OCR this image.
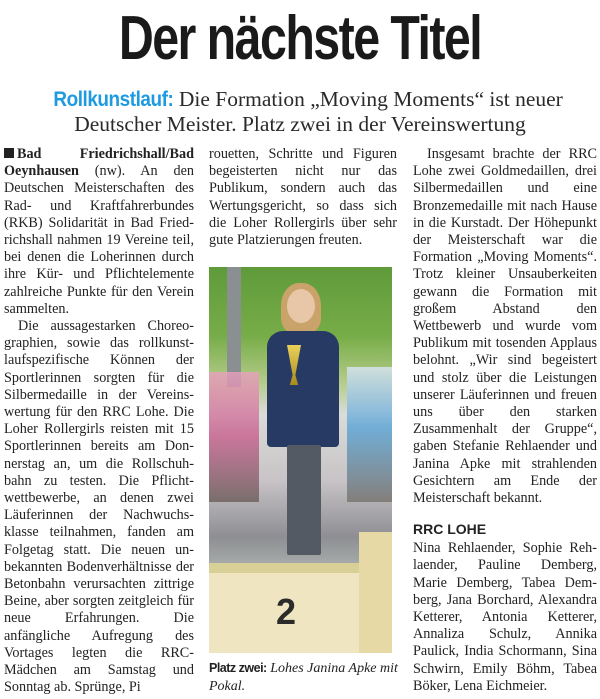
Der nächste Titel
Rollkunstlauf: Die Formation „Moving Moments“ ist neuer Deutscher Meister. Platz zwei in der Vereinswertung

Bad Friedrichshall/Bad Oeynhausen (nw). An den Deutschen Meisterschaften des Rad- und Kraftfahrerbundes (RKB) Solidarität in Bad Friedrichshall nahmen 19 Vereine teil, bei denen die Loherinnen durch ihre Kür- und Pflichtelemente zahlreiche Punkte für den Verein sammelten.

Die aussagestarken Choreographien, sowie das rollkunstlaufspezifische Können der Sportlerinnen sorgten für die Silbermedaille in der Vereinswertung für den RRC Lohe. Die Loher Rollergirls reisten mit 15 Sportlerinnen bereits am Donnerstag an, um die Rollschuhbahn zu testen. Die Pflichtwettbewerbe, an denen zwei Läuferinnen der Nachwuchsklasse teilnahmen, fanden am Folgetag statt. Die neuen unbekannten Bodenverhältnisse der Betonbahn verursachten zittrige Beine, aber sorgten zeitgleich für neue Erfahrungen. Die anfängliche Aufregung des Vortages legten die RRC-Mädchen am Samstag und Sonntag ab. Sprünge, Pi

rouetten, Schritte und Figuren begeisterten nicht nur das Publikum, sondern auch das Wertungsgericht, so dass sich die Loher Rollergirls über sehr gute Platzierungen freuten.

2
Platz zwei: Lohes Janina Apke mit Pokal.

Insgesamt brachte der RRC Lohe zwei Goldmedaillen, drei Silbermedaillen und eine Bronzemedaille mit nach Hause in die Kurstadt. Der Höhepunkt der Meisterschaft war die Formation „Moving Moments“. Trotz kleiner Unsauberkeiten gewann die Formation mit großem Abstand den Wettbewerb und wurde vom Publikum mit tosenden Applaus belohnt. „Wir sind begeistert und stolz über die Leistungen unserer Läuferinnen und freuen uns über den starken Zusammenhalt der Gruppe“, gaben Stefanie Rehlaender und Janina Apke mit strahlenden Gesichtern am Ende der Meisterschaft bekannt.

RRC LOHE

Nina Rehlaender, Sophie Rehlaender, Pauline Demberg, Marie Demberg, Tabea Demberg, Jana Borchard, Alexandra Ketterer, Antonia Ketterer, Annaliza Schulz, Annika Paulick, India Schormann, Sina Schwirn, Emily Böhm, Tabea Böker, Lena Eichmeier.
